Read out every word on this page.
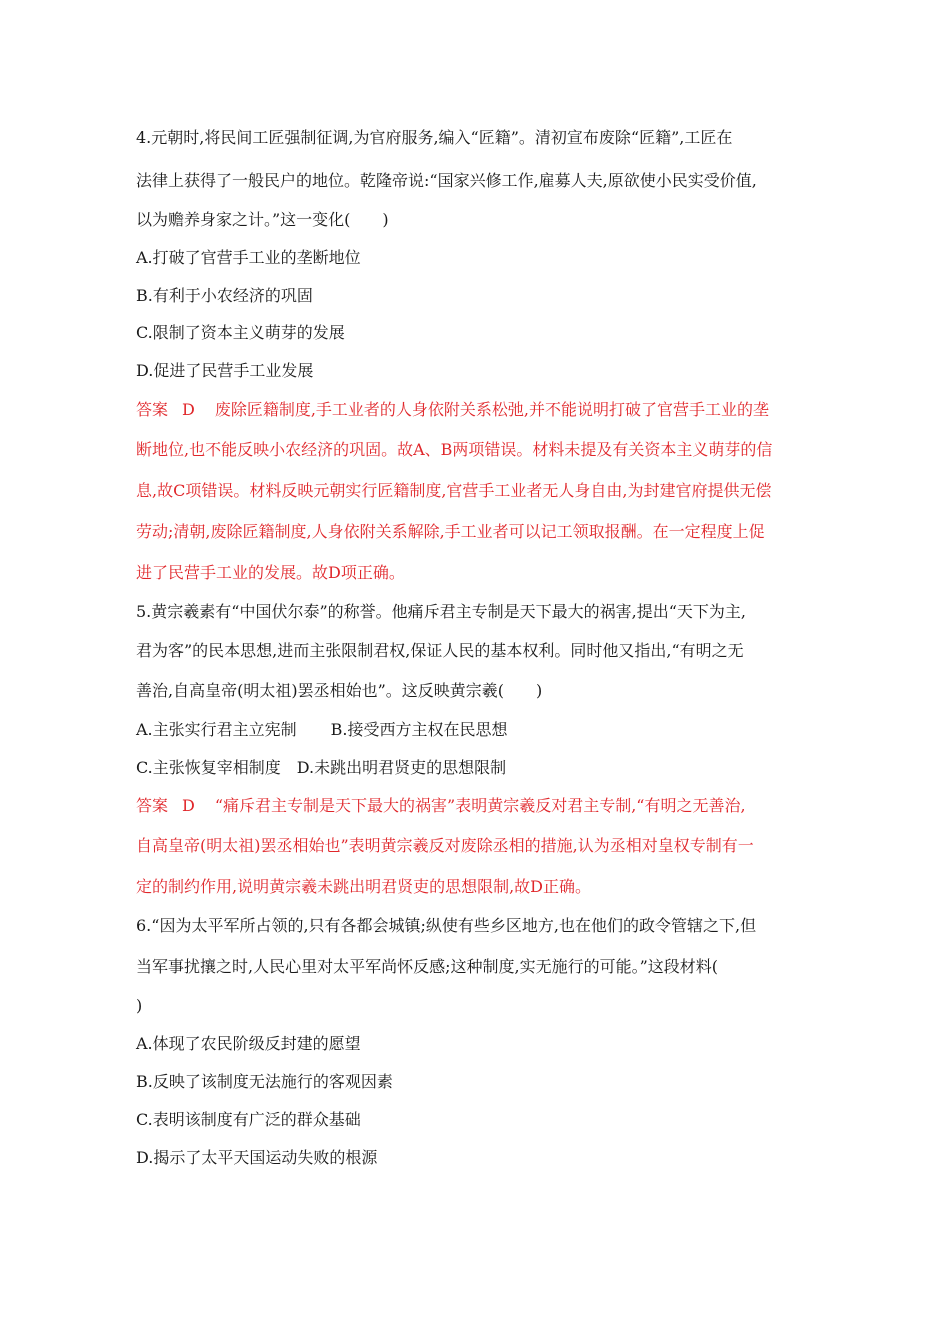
4.元朝时,将民间工匠强制征调,为官府服务,编入“匠籍”。清初宣布废除“匠籍”,工匠在
法律上获得了一般民户的地位。乾隆帝说:“国家兴修工作,雇募人夫,原欲使小民实受价值,
以为赡养身家之计。”这一变化(　　)
A.打破了官营手工业的垄断地位
B.有利于小农经济的巩固
C.限制了资本主义萌芽的发展
D.促进了民营手工业发展
答案 D 废除匠籍制度,手工业者的人身依附关系松弛,并不能说明打破了官营手工业的垄
断地位,也不能反映小农经济的巩固。故A、B两项错误。材料未提及有关资本主义萌芽的信
息,故C项错误。材料反映元朝实行匠籍制度,官营手工业者无人身自由,为封建官府提供无偿
劳动;清朝,废除匠籍制度,人身依附关系解除,手工业者可以记工领取报酬。在一定程度上促
进了民营手工业的发展。故D项正确。
5.黄宗羲素有“中国伏尔泰”的称誉。他痛斥君主专制是天下最大的祸害,提出“天下为主,
君为客”的民本思想,进而主张限制君权,保证人民的基本权利。同时他又指出,“有明之无
善治,自高皇帝(明太祖)罢丞相始也”。这反映黄宗羲(　　)
A.主张实行君主立宪制 B.接受西方主权在民思想
C.主张恢复宰相制度 D.未跳出明君贤吏的思想限制
答案 D “痛斥君主专制是天下最大的祸害”表明黄宗羲反对君主专制,“有明之无善治,
自高皇帝(明太祖)罢丞相始也”表明黄宗羲反对废除丞相的措施,认为丞相对皇权专制有一
定的制约作用,说明黄宗羲未跳出明君贤吏的思想限制,故D正确。
6.“因为太平军所占领的,只有各都会城镇;纵使有些乡区地方,也在他们的政令管辖之下,但
当军事扰攘之时,人民心里对太平军尚怀反感;这种制度,实无施行的可能。”这段材料(
)
A.体现了农民阶级反封建的愿望
B.反映了该制度无法施行的客观因素
C.表明该制度有广泛的群众基础
D.揭示了太平天国运动失败的根源
